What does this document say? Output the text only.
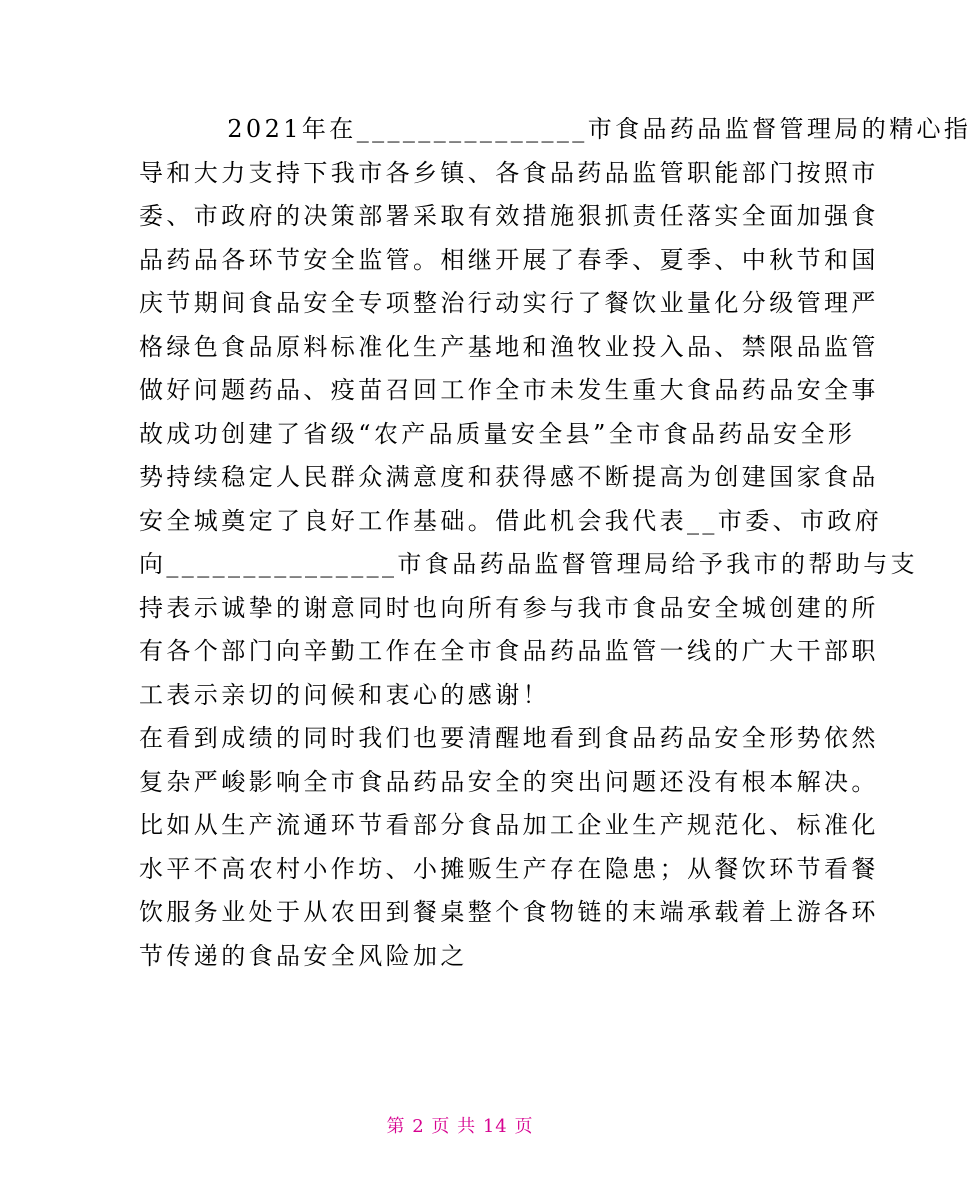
2021年在_______________市食品药品监督管理局的精心指
导和大力支持下我市各乡镇、各食品药品监管职能部门按照市
委、市政府的决策部署采取有效措施狠抓责任落实全面加强食
品药品各环节安全监管。相继开展了春季、夏季、中秋节和国
庆节期间食品安全专项整治行动实行了餐饮业量化分级管理严
格绿色食品原料标准化生产基地和渔牧业投入品、禁限品监管
做好问题药品、疫苗召回工作全市未发生重大食品药品安全事
故成功创建了省级“农产品质量安全县”全市食品药品安全形
势持续稳定人民群众满意度和获得感不断提高为创建国家食品
安全城奠定了良好工作基础。借此机会我代表__市委、市政府
向_______________市食品药品监督管理局给予我市的帮助与支
持表示诚挚的谢意同时也向所有参与我市食品安全城创建的所
有各个部门向辛勤工作在全市食品药品监管一线的广大干部职
工表示亲切的问候和衷心的感谢！
在看到成绩的同时我们也要清醒地看到食品药品安全形势依然
复杂严峻影响全市食品药品安全的突出问题还没有根本解决。
比如从生产流通环节看部分食品加工企业生产规范化、标准化
水平不高农村小作坊、小摊贩生产存在隐患；从餐饮环节看餐
饮服务业处于从农田到餐桌整个食物链的末端承载着上游各环
节传递的食品安全风险加之
第 2 页 共 14 页
